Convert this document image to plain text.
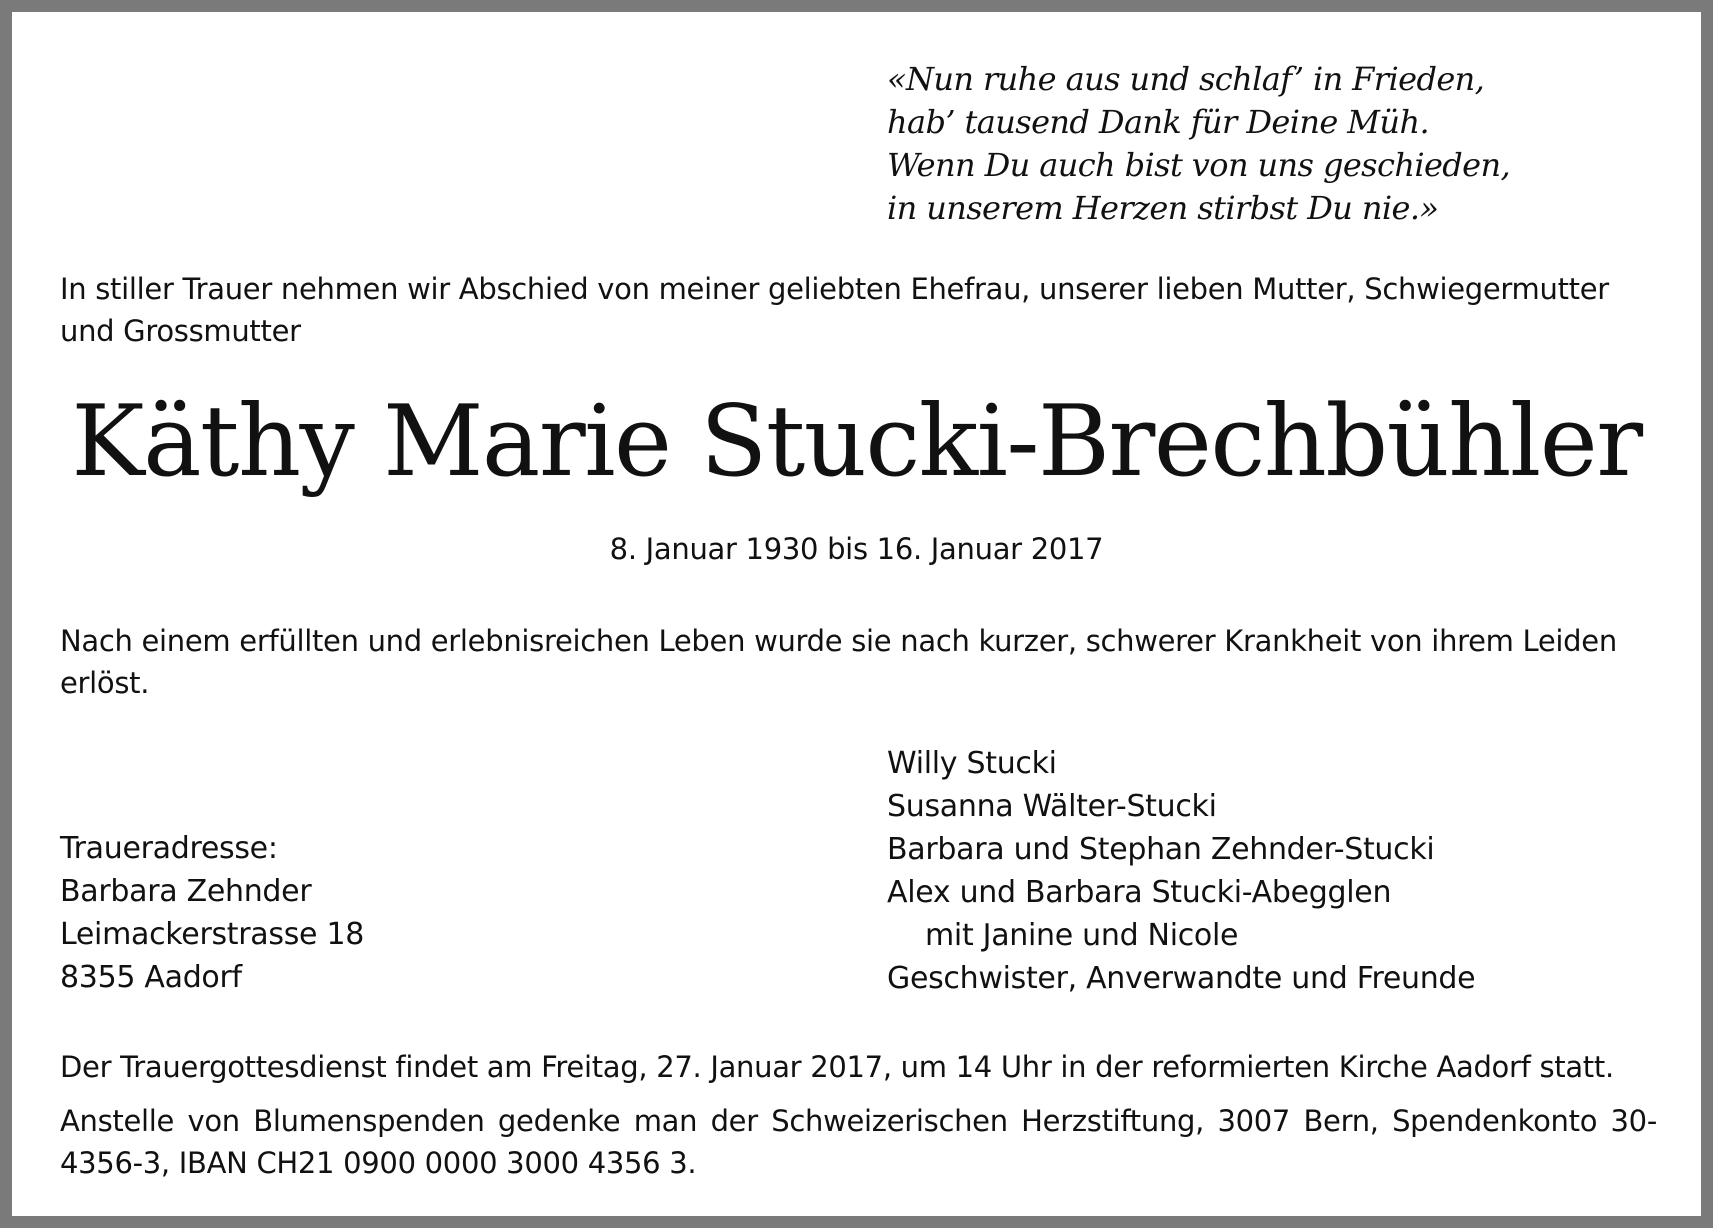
«Nun ruhe aus und schlaf’ in Frieden,
hab’ tausend Dank für Deine Müh.
Wenn Du auch bist von uns geschieden,
in unserem Herzen stirbst Du nie.»
In stiller Trauer nehmen wir Abschied von meiner geliebten Ehefrau, unserer lieben Mutter, Schwiegermutter und Grossmutter
Käthy Marie Stucki-Brechbühler
8. Januar 1930 bis 16. Januar 2017
Nach einem erfüllten und erlebnisreichen Leben wurde sie nach kurzer, schwerer Krankheit von ihrem Leiden erlöst.
Willy Stucki
Susanna Wälter-Stucki
Barbara und Stephan Zehnder-Stucki
Alex und Barbara Stucki-Abegglen
mit Janine und Nicole
Geschwister, Anverwandte und Freunde
Traueradresse:
Barbara Zehnder
Leimackerstrasse 18
8355 Aadorf
Der Trauergottesdienst findet am Freitag, 27. Januar 2017, um 14 Uhr in der reformierten Kirche Aadorf statt.
Anstelle von Blumenspenden gedenke man der Schweizerischen Herzstiftung, 3007 Bern, Spendenkonto 30-4356-3, IBAN CH21 0900 0000 3000 4356 3.
